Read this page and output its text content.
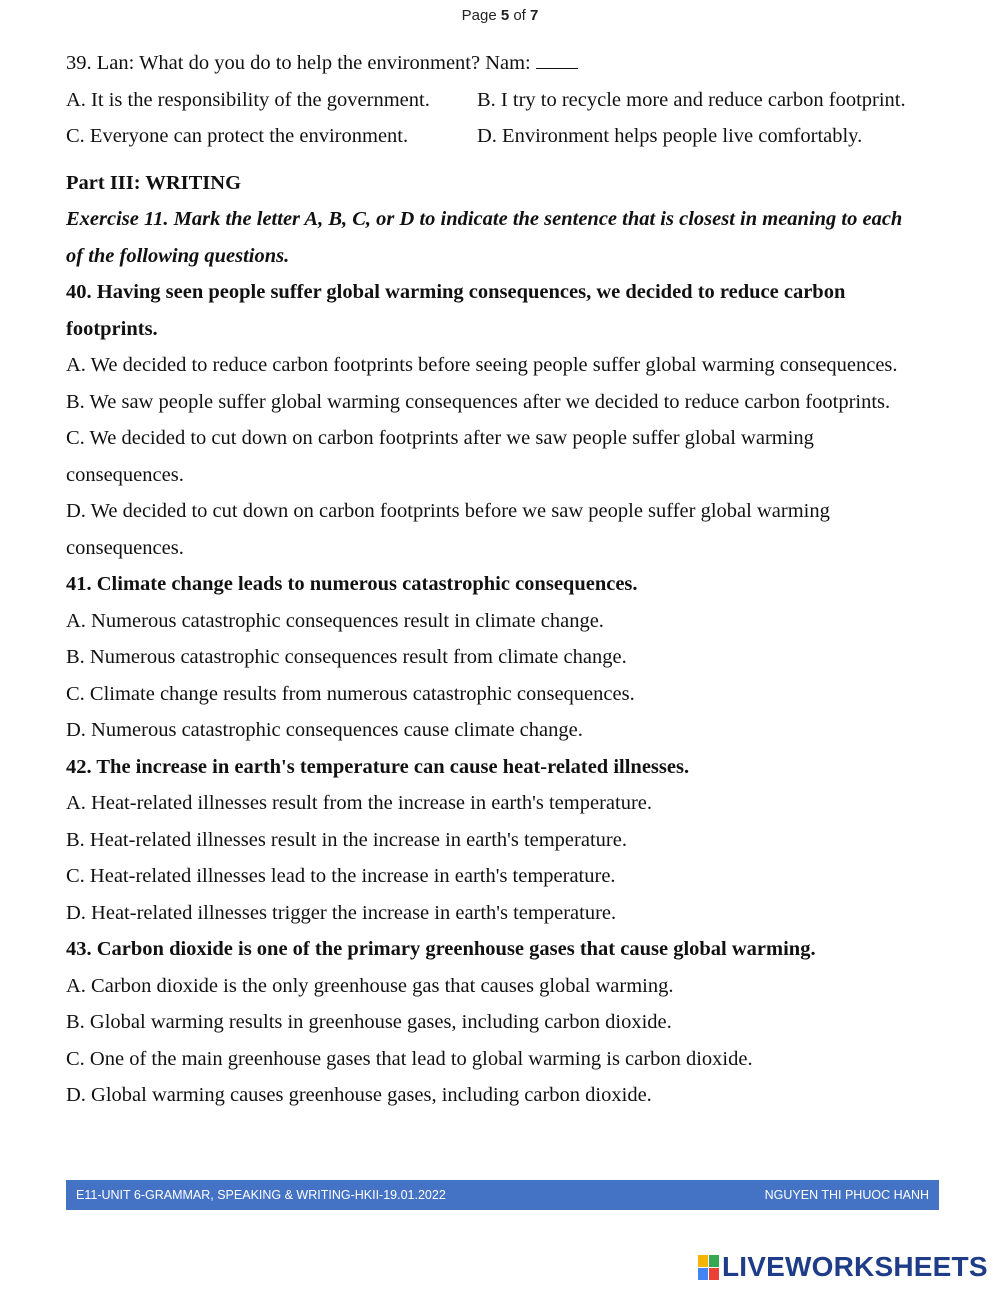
Page 5 of 7
39. Lan: What do you do to help the environment? Nam:
A. It is the responsibility of the government.	B. I try to recycle more and reduce carbon footprint.
C. Everyone can protect the environment.	D. Environment helps people live comfortably.
Part III: WRITING
Exercise 11. Mark the letter A, B, C, or D to indicate the sentence that is closest in meaning to each
of the following questions.
40. Having seen people suffer global warming consequences, we decided to reduce carbon
footprints.
A. We decided to reduce carbon footprints before seeing people suffer global warming consequences.
B. We saw people suffer global warming consequences after we decided to reduce carbon footprints.
C. We decided to cut down on carbon footprints after we saw people suffer global warming
consequences.
D. We decided to cut down on carbon footprints before we saw people suffer global warming
consequences.
41. Climate change leads to numerous catastrophic consequences.
A. Numerous catastrophic consequences result in climate change.
B. Numerous catastrophic consequences result from climate change.
C. Climate change results from numerous catastrophic consequences.
D. Numerous catastrophic consequences cause climate change.
42. The increase in earth's temperature can cause heat-related illnesses.
A. Heat-related illnesses result from the increase in earth's temperature.
B. Heat-related illnesses result in the increase in earth's temperature.
C. Heat-related illnesses lead to the increase in earth's temperature.
D. Heat-related illnesses trigger the increase in earth's temperature.
43. Carbon dioxide is one of the primary greenhouse gases that cause global warming.
A. Carbon dioxide is the only greenhouse gas that causes global warming.
B. Global warming results in greenhouse gases, including carbon dioxide.
C. One of the main greenhouse gases that lead to global warming is carbon dioxide.
D. Global warming causes greenhouse gases, including carbon dioxide.
E11-UNIT 6-GRAMMAR, SPEAKING & WRITING-HKII-19.01.2022	NGUYEN THI PHUOC HANH
LIVEWORKSHEETS
